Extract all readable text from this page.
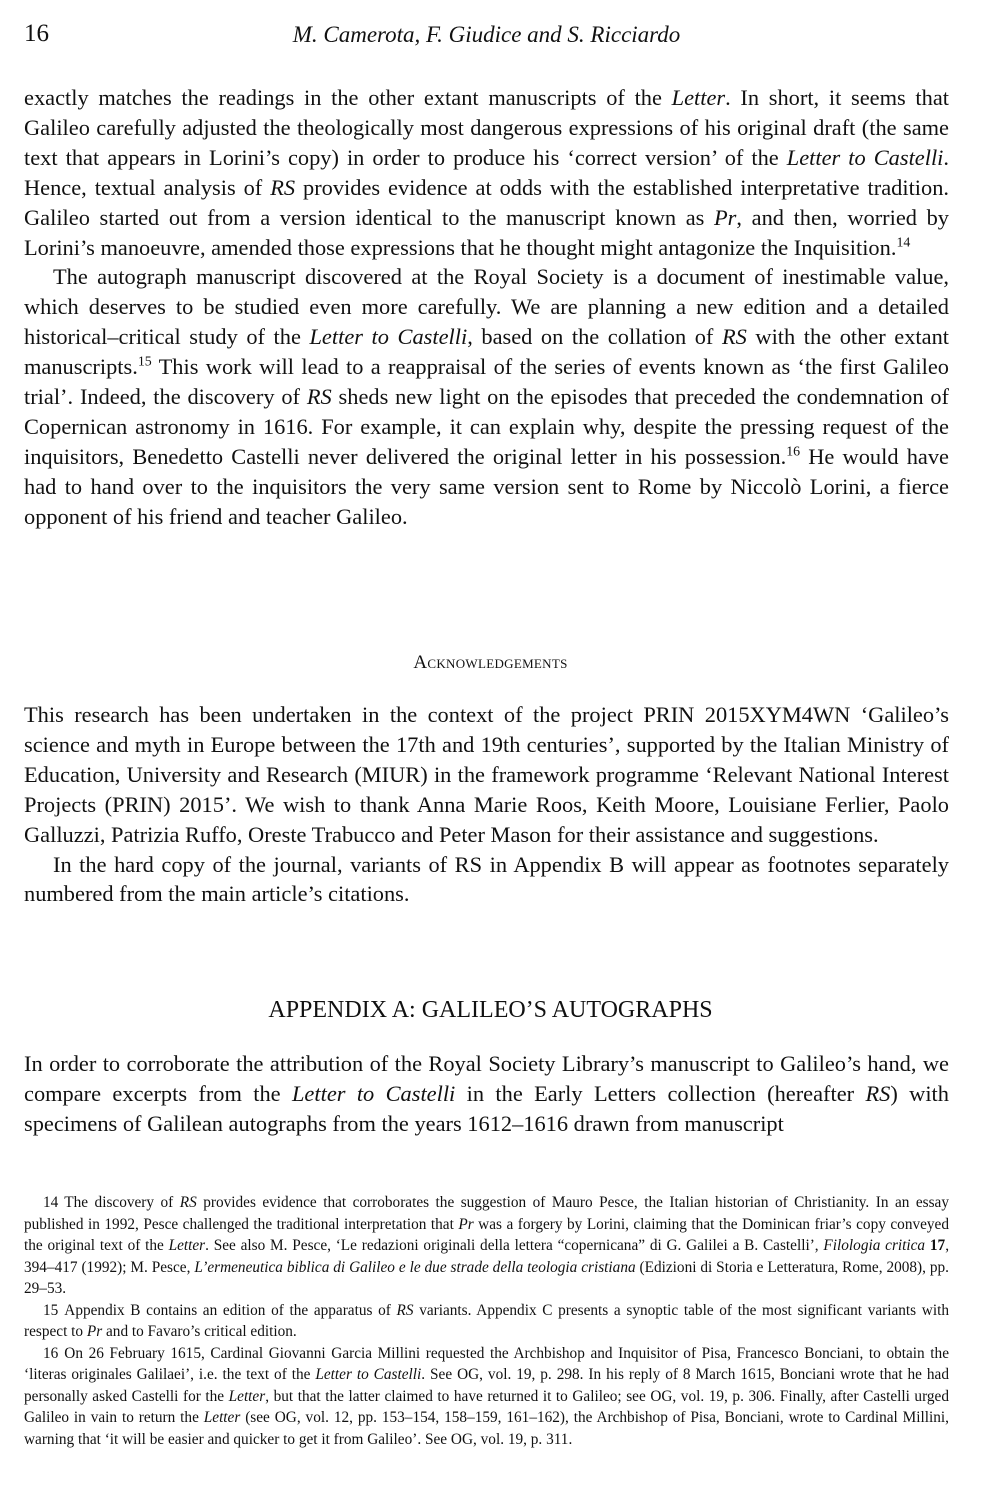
16	M. Camerota, F. Giudice and S. Ricciardo

exactly matches the readings in the other extant manuscripts of the Letter. In short, it seems that Galileo carefully adjusted the theologically most dangerous expressions of his original draft (the same text that appears in Lorini’s copy) in order to produce his ‘correct version’ of the Letter to Castelli. Hence, textual analysis of RS provides evidence at odds with the established interpretative tradition. Galileo started out from a version identical to the manuscript known as Pr, and then, worried by Lorini’s manoeuvre, amended those expressions that he thought might antagonize the Inquisition.$^{14}$

The autograph manuscript discovered at the Royal Society is a document of inestimable value, which deserves to be studied even more carefully. We are planning a new edition and a detailed historical–critical study of the Letter to Castelli, based on the collation of RS with the other extant manuscripts.$^{15}$ This work will lead to a reappraisal of the series of events known as ‘the first Galileo trial’. Indeed, the discovery of RS sheds new light on the episodes that preceded the condemnation of Copernican astronomy in 1616. For example, it can explain why, despite the pressing request of the inquisitors, Benedetto Castelli never delivered the original letter in his possession.$^{16}$ He would have had to hand over to the inquisitors the very same version sent to Rome by Niccolò Lorini, a fierce opponent of his friend and teacher Galileo.

Acknowledgements

This research has been undertaken in the context of the project PRIN 2015XYM4WN ‘Galileo’s science and myth in Europe between the 17th and 19th centuries’, supported by the Italian Ministry of Education, University and Research (MIUR) in the framework programme ‘Relevant National Interest Projects (PRIN) 2015’. We wish to thank Anna Marie Roos, Keith Moore, Louisiane Ferlier, Paolo Galluzzi, Patrizia Ruffo, Oreste Trabucco and Peter Mason for their assistance and suggestions.

In the hard copy of the journal, variants of RS in Appendix B will appear as footnotes separately numbered from the main article’s citations.

APPENDIX A: GALILEO’S AUTOGRAPHS

In order to corroborate the attribution of the Royal Society Library’s manuscript to Galileo’s hand, we compare excerpts from the Letter to Castelli in the Early Letters collection (hereafter RS) with specimens of Galilean autographs from the years 1612–1616 drawn from manuscript

14 The discovery of RS provides evidence that corroborates the suggestion of Mauro Pesce, the Italian historian of Christianity. In an essay published in 1992, Pesce challenged the traditional interpretation that Pr was a forgery by Lorini, claiming that the Dominican friar’s copy conveyed the original text of the Letter. See also M. Pesce, ‘Le redazioni originali della lettera “copernicana” di G. Galilei a B. Castelli’, Filologia critica 17, 394–417 (1992); M. Pesce, L’ermeneutica biblica di Galileo e le due strade della teologia cristiana (Edizioni di Storia e Letteratura, Rome, 2008), pp. 29–53.

15 Appendix B contains an edition of the apparatus of RS variants. Appendix C presents a synoptic table of the most significant variants with respect to Pr and to Favaro’s critical edition.

16 On 26 February 1615, Cardinal Giovanni Garcia Millini requested the Archbishop and Inquisitor of Pisa, Francesco Bonciani, to obtain the ‘literas originales Galilaei’, i.e. the text of the Letter to Castelli. See OG, vol. 19, p. 298. In his reply of 8 March 1615, Bonciani wrote that he had personally asked Castelli for the Letter, but that the latter claimed to have returned it to Galileo; see OG, vol. 19, p. 306. Finally, after Castelli urged Galileo in vain to return the Letter (see OG, vol. 12, pp. 153–154, 158–159, 161–162), the Archbishop of Pisa, Bonciani, wrote to Cardinal Millini, warning that ‘it will be easier and quicker to get it from Galileo’. See OG, vol. 19, p. 311.
